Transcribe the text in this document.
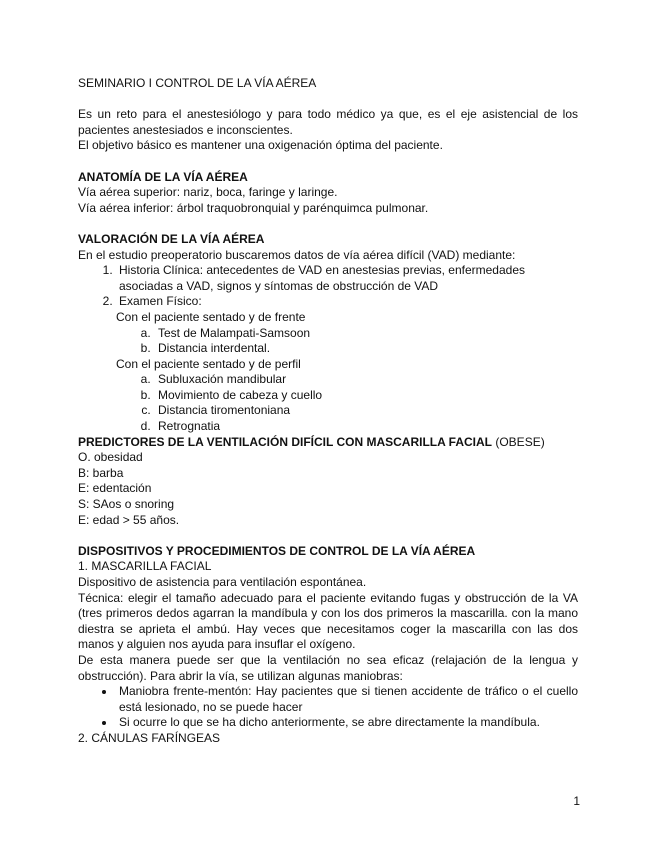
SEMINARIO I CONTROL DE LA VÍA AÉREA

Es un reto para el anestesiólogo y para todo médico ya que, es el eje asistencial de los pacientes anestesiados e inconscientes.

El objetivo básico es mantener una oxigenación óptima del paciente.

ANATOMÍA DE LA VÍA AÉREA

Vía aérea superior: nariz, boca, faringe y laringe.

Vía aérea inferior: árbol traquobronquial y parénquimca pulmonar.

VALORACIÓN DE LA VÍA AÉREA

En el estudio preoperatorio buscaremos datos de vía aérea difícil (VAD) mediante:

1. Historia Clínica: antecedentes de VAD en anestesias previas, enfermedades asociadas a VAD, signos y síntomas de obstrucción de VAD
2. Examen Físico:

Con el paciente sentado y de frente

a. Test de Malampati-Samsoon
b. Distancia interdental.

Con el paciente sentado y de perfil

a. Subluxación mandibular
b. Movimiento de cabeza y cuello
c. Distancia tiromentoniana
d. Retrognatia

PREDICTORES DE LA VENTILACIÓN DIFÍCIL CON MASCARILLA FACIAL (OBESE)

O. obesidad

B: barba

E: edentación

S: SAos o snoring

E: edad > 55 años.

DISPOSITIVOS Y PROCEDIMIENTOS DE CONTROL DE LA VÍA AÉREA

1. MASCARILLA FACIAL

Dispositivo de asistencia para ventilación espontánea.

Técnica: elegir el tamaño adecuado para el paciente evitando fugas y obstrucción de la VA (tres primeros dedos agarran la mandíbula y con los dos primeros la mascarilla. con la mano diestra se aprieta el ambú. Hay veces que necesitamos coger la mascarilla con las dos manos y alguien nos ayuda para insuflar el oxígeno.

De esta manera puede ser que la ventilación no sea eficaz (relajación de la lengua y obstrucción). Para abrir la vía, se utilizan algunas maniobras:

• Maniobra frente-mentón: Hay pacientes que si tienen accidente de tráfico o el cuello está lesionado, no se puede hacer
• Si ocurre lo que se ha dicho anteriormente, se abre directamente la mandíbula.

2. CÁNULAS FARÍNGEAS

1
